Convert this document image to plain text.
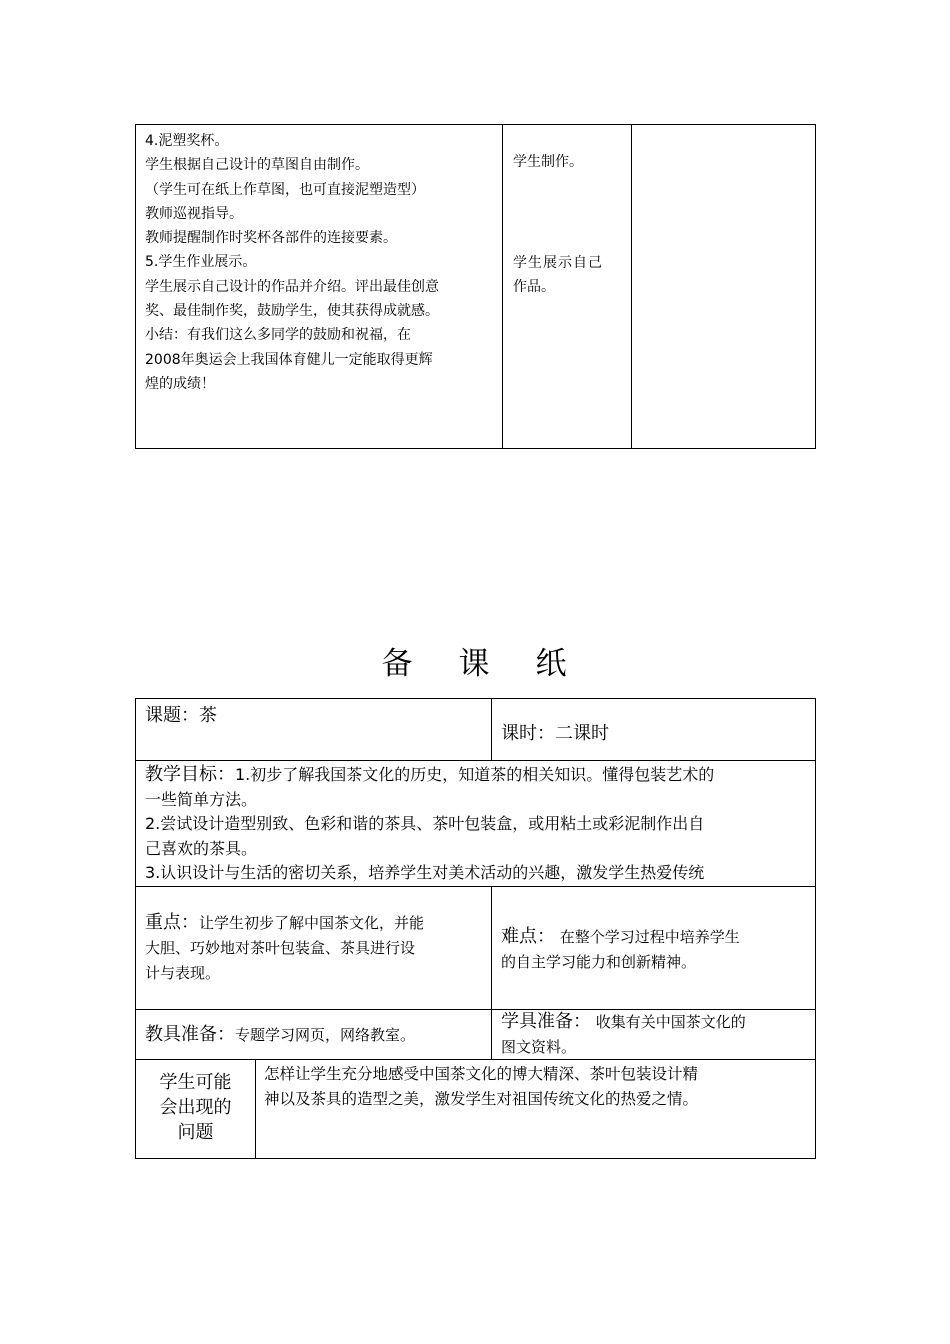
4.泥塑奖杯。
学生根据自己设计的草图自由制作。
（学生可在纸上作草图，也可直接泥塑造型）
教师巡视指导。
教师提醒制作时奖杯各部件的连接要素。
5.学生作业展示。
学生展示自己设计的作品并介绍。评出最佳创意
奖、最佳制作奖，鼓励学生，使其获得成就感。
小结：有我们这么多同学的鼓励和祝福，在
2008年奥运会上我国体育健儿一定能取得更辉
煌的成绩！
学生制作。
学生展示自己
作品。
备 课 纸
课题：茶
课时：二课时
教学目标：1.初步了解我国茶文化的历史，知道茶的相关知识。懂得包装艺术的
一些简单方法。
2.尝试设计造型别致、色彩和谐的茶具、茶叶包装盒，或用粘土或彩泥制作出自
己喜欢的茶具。
3.认识设计与生活的密切关系，培养学生对美术活动的兴趣，激发学生热爱传统
重点：让学生初步了解中国茶文化，并能
大胆、巧妙地对茶叶包装盒、茶具进行设
计与表现。
难点： 在整个学习过程中培养学生
的自主学习能力和创新精神。
教具准备：专题学习网页，网络教室。
学具准备： 收集有关中国茶文化的
图文资料。
学生可能
会出现的
问题
怎样让学生充分地感受中国茶文化的博大精深、茶叶包装设计精
神以及茶具的造型之美，激发学生对祖国传统文化的热爱之情。
